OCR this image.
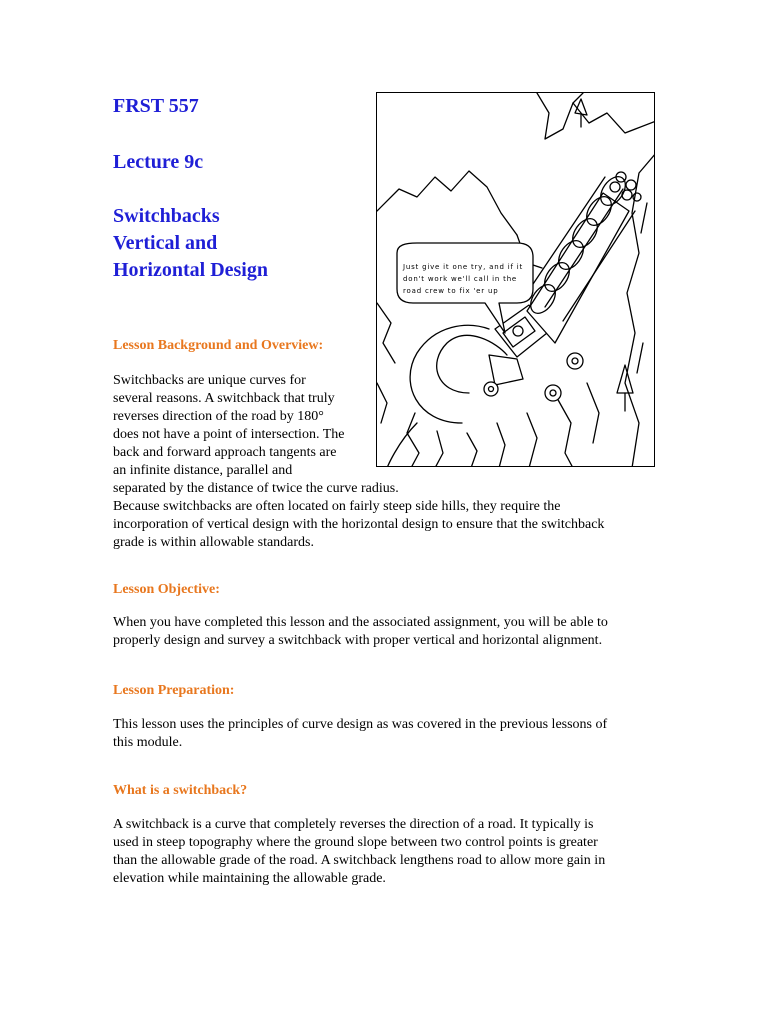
FRST 557
Lecture 9c
Switchbacks
Vertical and
Horizontal Design	Just give it one try, and if it
don't work we'll call in the
road crew to fix 'er up
Lesson Background and Overview:

Switchbacks are unique curves for
several reasons. A switchback that truly
reverses direction of the road by 180°
does not have a point of intersection. The
back and forward approach tangents are
an infinite distance, parallel and
separated by the distance of twice the curve radius.
Because switchbacks are often located on fairly steep side hills, they require the
incorporation of vertical design with the horizontal design to ensure that the switchback
grade is within allowable standards.

Lesson Objective:

When you have completed this lesson and the associated assignment, you will be able to
properly design and survey a switchback with proper vertical and horizontal alignment.

Lesson Preparation:

This lesson uses the principles of curve design as was covered in the previous lessons of
this module.

What is a switchback?

A switchback is a curve that completely reverses the direction of a road. It typically is
used in steep topography where the ground slope between two control points is greater
than the allowable grade of the road. A switchback lengthens road to allow more gain in
elevation while maintaining the allowable grade.
